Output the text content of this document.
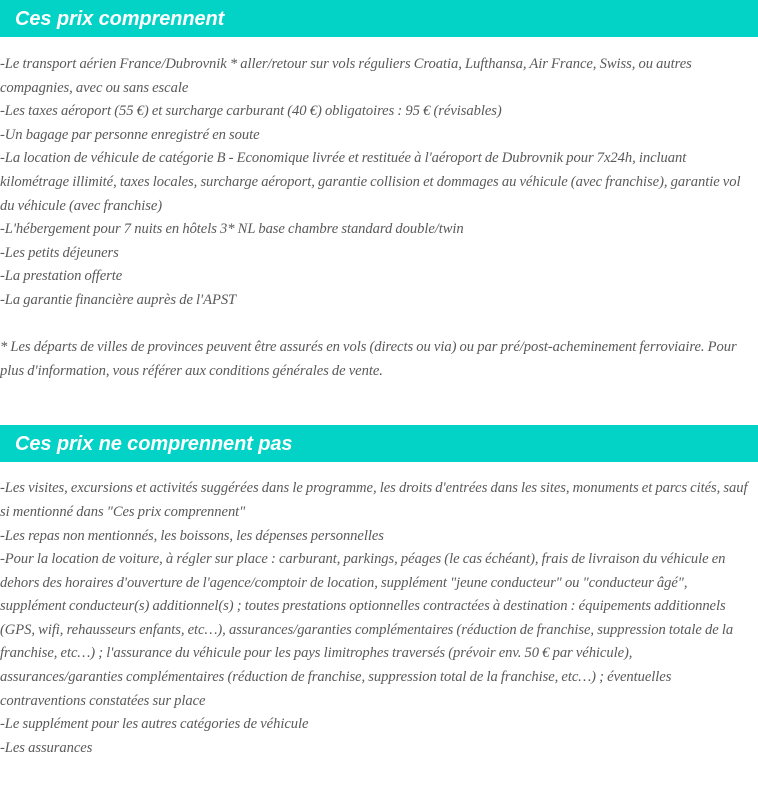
Ces prix comprennent

-Le transport aérien France/Dubrovnik * aller/retour sur vols réguliers Croatia, Lufthansa, Air France, Swiss, ou autres compagnies, avec ou sans escale

-Les taxes aéroport (55 €) et surcharge carburant (40 €) obligatoires : 95 € (révisables)

-Un bagage par personne enregistré en soute

-La location de véhicule de catégorie B - Economique livrée et restituée à l'aéroport de Dubrovnik pour 7x24h, incluant kilométrage illimité, taxes locales, surcharge aéroport, garantie collision et dommages au véhicule (avec franchise), garantie vol du véhicule (avec franchise)

-L'hébergement pour 7 nuits en hôtels 3* NL base chambre standard double/twin

-Les petits déjeuners

-La prestation offerte

-La garantie financière auprès de l'APST

* Les départs de villes de provinces peuvent être assurés en vols (directs ou via) ou par pré/post-acheminement ferroviaire. Pour plus d'information, vous référer aux conditions générales de vente.

Ces prix ne comprennent pas

-Les visites, excursions et activités suggérées dans le programme, les droits d'entrées dans les sites, monuments et parcs cités, sauf si mentionné dans "Ces prix comprennent"

-Les repas non mentionnés, les boissons, les dépenses personnelles

-Pour la location de voiture, à régler sur place : carburant, parkings, péages (le cas échéant), frais de livraison du véhicule en dehors des horaires d'ouverture de l'agence/comptoir de location, supplément "jeune conducteur" ou "conducteur âgé", supplément conducteur(s) additionnel(s) ; toutes prestations optionnelles contractées à destination : équipements additionnels (GPS, wifi, rehausseurs enfants, etc…), assurances/garanties complémentaires (réduction de franchise, suppression totale de la franchise, etc…) ; l'assurance du véhicule pour les pays limitrophes traversés (prévoir env. 50 € par véhicule), assurances/garanties complémentaires (réduction de franchise, suppression total de la franchise, etc…) ; éventuelles contraventions constatées sur place

-Le supplément pour les autres catégories de véhicule

-Les assurances
